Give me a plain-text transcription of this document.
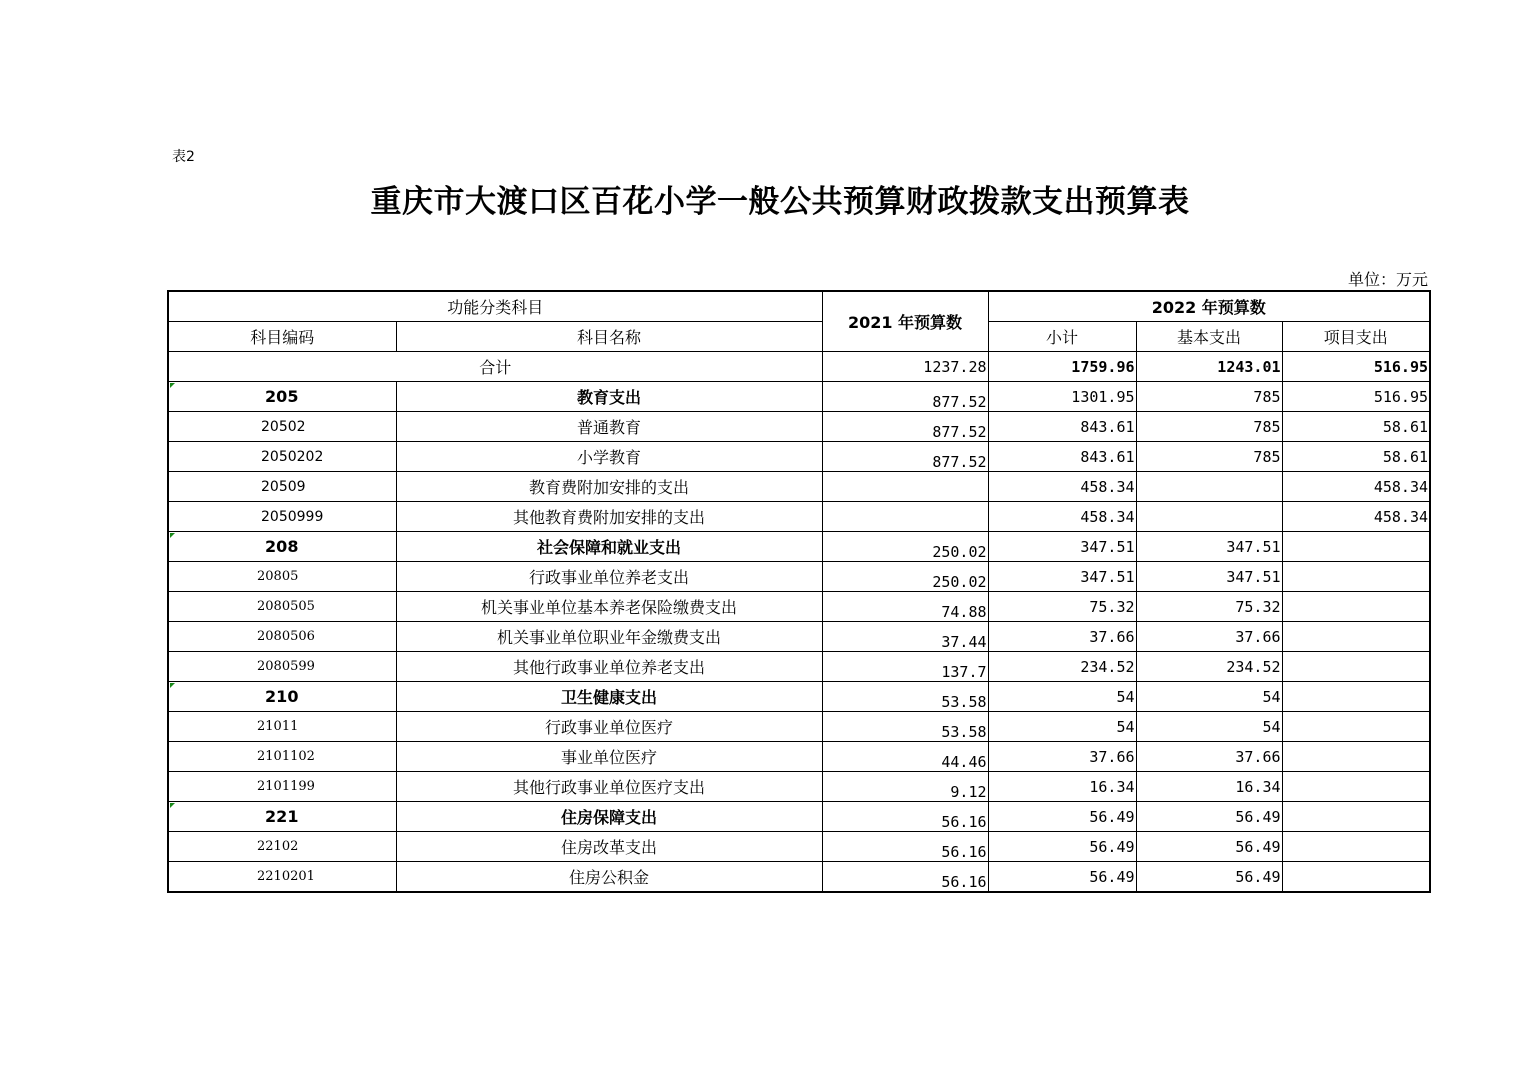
表2
重庆市大渡口区百花小学一般公共预算财政拨款支出预算表
单位：万元
功能分类科目		2021 年预算数	2022 年预算数		
科目编码	科目名称		小计	基本支出	项目支出
合计		1237.28	1759.96	1243.01	516.95
205	教育支出	877.52	1301.95	785	516.95
20502	普通教育	877.52	843.61	785	58.61
2050202	小学教育	877.52	843.61	785	58.61
20509	教育费附加安排的支出		458.34		458.34
2050999	其他教育费附加安排的支出		458.34		458.34
208	社会保障和就业支出	250.02	347.51	347.51	
20805	行政事业单位养老支出	250.02	347.51	347.51	
2080505	机关事业单位基本养老保险缴费支出	74.88	75.32	75.32	
2080506	机关事业单位职业年金缴费支出	37.44	37.66	37.66	
2080599	其他行政事业单位养老支出	137.7	234.52	234.52	
210	卫生健康支出	53.58	54	54	
21011	行政事业单位医疗	53.58	54	54	
2101102	事业单位医疗	44.46	37.66	37.66	
2101199	其他行政事业单位医疗支出	9.12	16.34	16.34	
221	住房保障支出	56.16	56.49	56.49	
22102	住房改革支出	56.16	56.49	56.49	
2210201	住房公积金	56.16	56.49	56.49	
